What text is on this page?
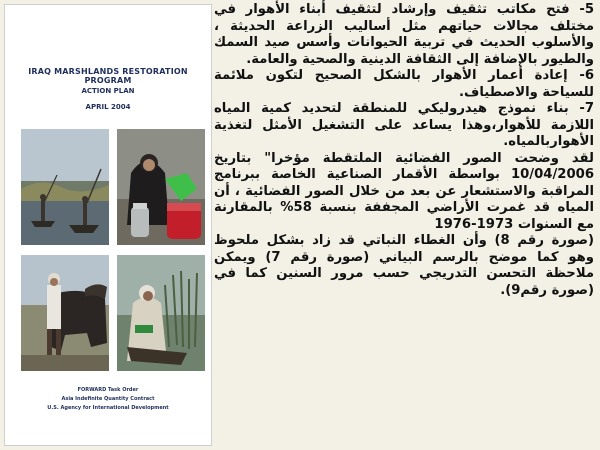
IRAQ MARSHLANDS RESTORATION PROGRAM
ACTION PLAN
APRIL 2004
FORWARD Task Order
Asia Indefinite Quantity Contract
U.S. Agency for International Development

5- فتح مكاتب تثقيف وإرشاد لتثقيف أبناء الأهوار في مختلف مجالات حياتهم مثل أساليب الزراعة الحديثة ، والأسلوب الحديث في تربية الحيوانات وأسس صيد السمك والطيور بالإضافة إلى الثقافة الدينية والصحية والعامة.

6- إعادة أعمار الأهوار بالشكل الصحيح لتكون ملائمة للسياحة والاصطياف.

7- بناء نموذج هيدروليكي للمنطقة لتحديد كمية المياه اللازمة للأهوار،وهذا يساعد على التشغيل الأمثل لتغذية الأهواربالمياه.

لقد وضحت الصور الفضائية الملتقطة مؤخرا" بتاريخ 10/04/2006 بواسطة الأقمار الصناعية الخاصة ببرنامج المراقبة والاستشعار عن بعد من خلال الصور الفضائية ، أن المياه قد غمرت الأراضي المجففة بنسبة 58% بالمقارنة مع السنوات 1973-1976

(صورة رقم 8) وأن الغطاء النباتي قد زاد بشكل ملحوظ وهو كما موضح بالرسم البياني (صورة رقم 7) ويمكن ملاحظة التحسن التدريجي حسب مرور السنين كما في (صورة رقم9).
